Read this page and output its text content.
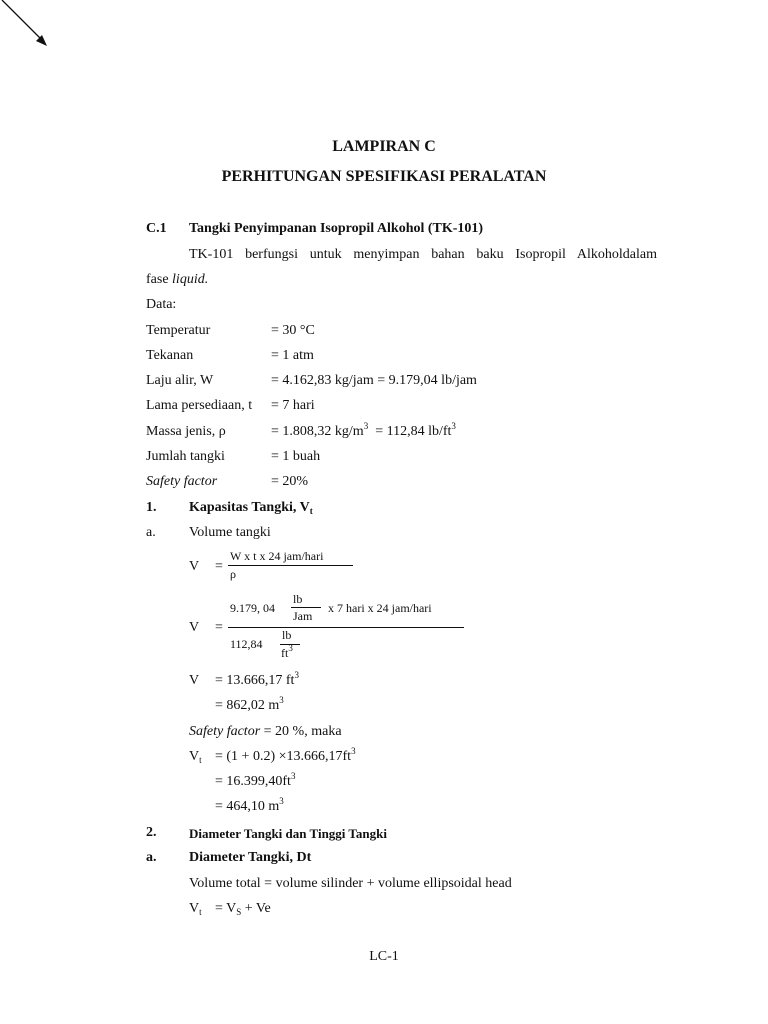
LAMPIRAN C
PERHITUNGAN SPESIFIKASI PERALATAN
C.1 Tangki Penyimpanan Isopropil Alkohol (TK-101)
TK-101 berfungsi untuk menyimpan bahan baku Isopropil Alkoholdalam
fase liquid.
Data:
Temperatur	= 30 °C
Tekanan	= 1 atm
Laju alir, W	= 4.162,83 kg/jam = 9.179,04 lb/jam
Lama persediaan, t = 7 hari
Massa jenis, ρ	= 1.808,32 $kg/m^3 = 112,84$ $lb/ft^3$
Jumlah tangki	= 1 buah
Safety factor	= 20%
1. Kapasitas Tangki, $V_t$
a. Volume tangki
V =
W x t x 24 jam/hari
ρ
V =
9.179, 04
lb
Jam
x 7 hari x 24 jam/hari
112,84
lb
$ft^3$
V = 13.666,17 $ft^3$
= 862,02 $m^3$
Safety factor = 20 %, maka
$V_t = (1 + 0.2) \times 13.666,17ft^3$
= $16.399,40ft^3$
= 464,10 $m^3$
2.	Diameter Tangki dan Tinggi Tangki
a. Diameter Tangki, Dt
Volume total = volume silinder + volume ellipsoidal head
$V_t = V_S + Ve$
LC-1
